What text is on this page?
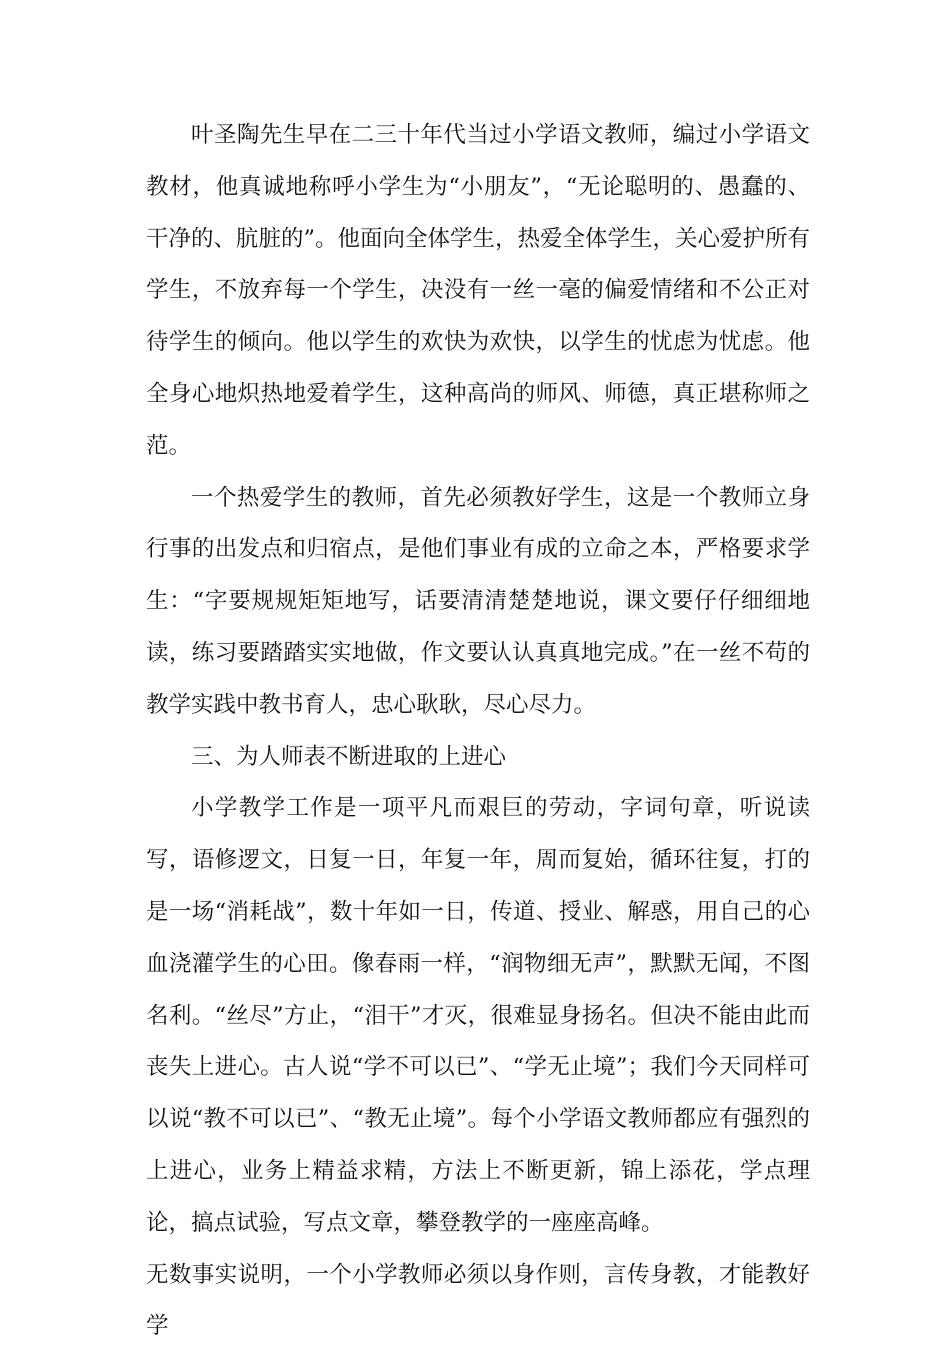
叶圣陶先生早在二三十年代当过小学语文教师，编过小学语文教材，他真诚地称呼小学生为“小朋友”，“无论聪明的、愚蠢的、干净的、肮脏的”。他面向全体学生，热爱全体学生，关心爱护所有学生，不放弃每一个学生，决没有一丝一毫的偏爱情绪和不公正对待学生的倾向。他以学生的欢快为欢快，以学生的忧虑为忧虑。他全身心地炽热地爱着学生，这种高尚的师风、师德，真正堪称师之范。

一个热爱学生的教师，首先必须教好学生，这是一个教师立身行事的出发点和归宿点，是他们事业有成的立命之本，严格要求学生：“字要规规矩矩地写，话要清清楚楚地说，课文要仔仔细细地读，练习要踏踏实实地做，作文要认认真真地完成。”在一丝不苟的教学实践中教书育人，忠心耿耿，尽心尽力。

三、为人师表不断进取的上进心

小学教学工作是一项平凡而艰巨的劳动，字词句章，听说读写，语修逻文，日复一日，年复一年，周而复始，循环往复，打的是一场“消耗战”，数十年如一日，传道、授业、解惑，用自己的心血浇灌学生的心田。像春雨一样，“润物细无声”，默默无闻，不图名利。“丝尽”方止，“泪干”才灭，很难显身扬名。但决不能由此而丧失上进心。古人说“学不可以已”、“学无止境”；我们今天同样可以说“教不可以已”、“教无止境”。每个小学语文教师都应有强烈的上进心，业务上精益求精，方法上不断更新，锦上添花，学点理论，搞点试验，写点文章，攀登教学的一座座高峰。

无数事实说明，一个小学教师必须以身作则，言传身教，才能教好学
